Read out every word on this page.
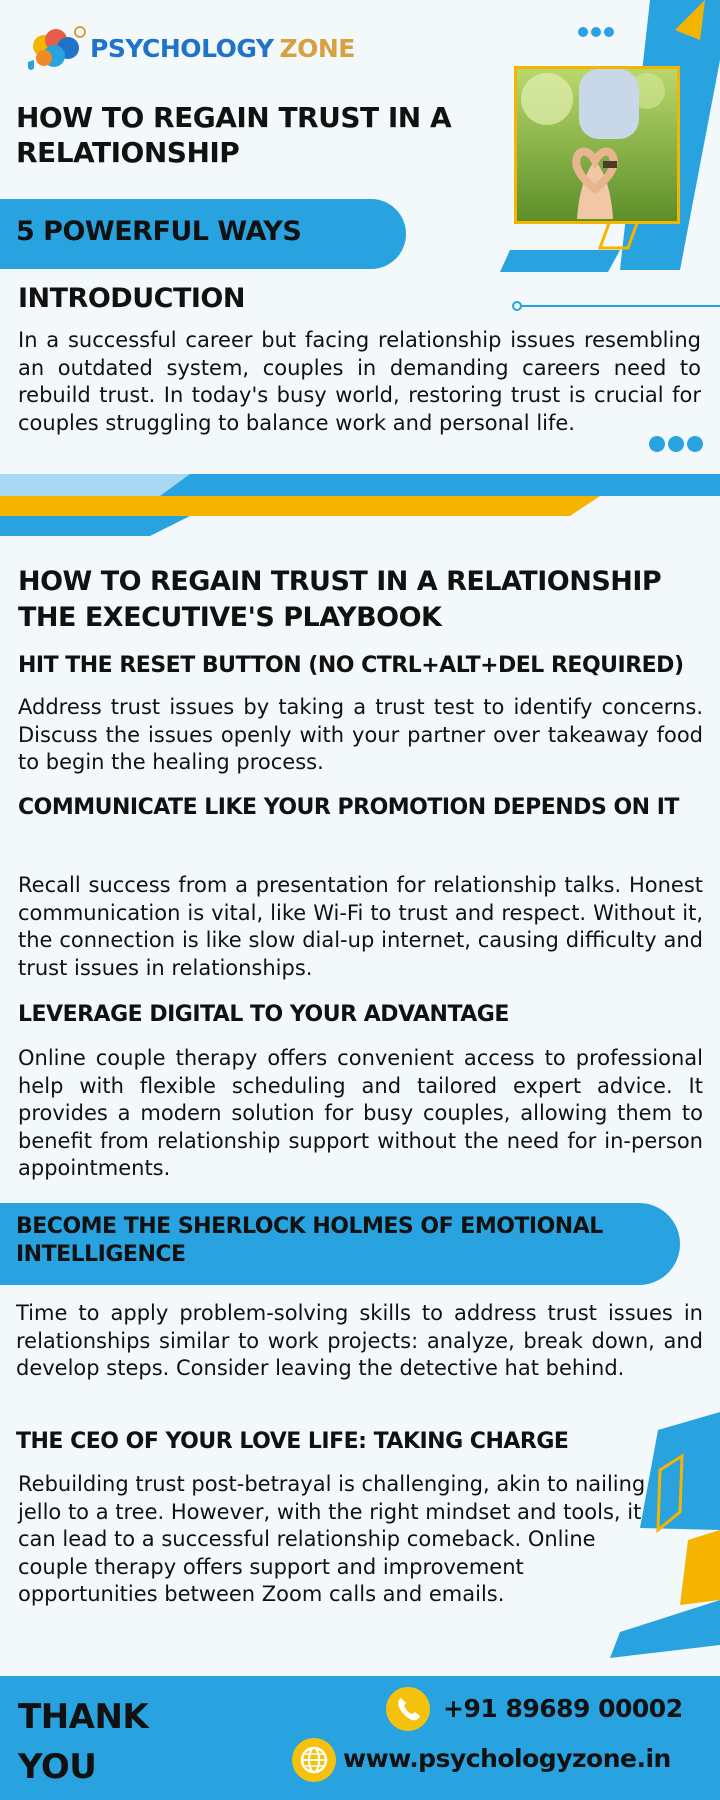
PSYCHOLOGY ZONE
HOW TO REGAIN TRUST IN A RELATIONSHIP
5 POWERFUL WAYS
INTRODUCTION
In a successful career but facing relationship issues resembling an outdated system, couples in demanding careers need to rebuild trust. In today's busy world, restoring trust is crucial for couples struggling to balance work and personal life.
HOW TO REGAIN TRUST IN A RELATIONSHIP THE EXECUTIVE'S PLAYBOOK
HIT THE RESET BUTTON (NO CTRL+ALT+DEL REQUIRED)
Address trust issues by taking a trust test to identify concerns. Discuss the issues openly with your partner over takeaway food to begin the healing process.
COMMUNICATE LIKE YOUR PROMOTION DEPENDS ON IT
Recall success from a presentation for relationship talks. Honest communication is vital, like Wi-Fi to trust and respect. Without it, the connection is like slow dial-up internet, causing difficulty and trust issues in relationships.
LEVERAGE DIGITAL TO YOUR ADVANTAGE
Online couple therapy offers convenient access to professional help with flexible scheduling and tailored expert advice. It provides a modern solution for busy couples, allowing them to benefit from relationship support without the need for in-person appointments.
BECOME THE SHERLOCK HOLMES OF EMOTIONAL INTELLIGENCE
Time to apply problem-solving skills to address trust issues in relationships similar to work projects: analyze, break down, and develop steps. Consider leaving the detective hat behind.
THE CEO OF YOUR LOVE LIFE: TAKING CHARGE
Rebuilding trust post-betrayal is challenging, akin to nailing jello to a tree. However, with the right mindset and tools, it can lead to a successful relationship comeback. Online couple therapy offers support and improvement opportunities between Zoom calls and emails.
THANK YOU
+91 89689 00002
www.psychologyzone.in
